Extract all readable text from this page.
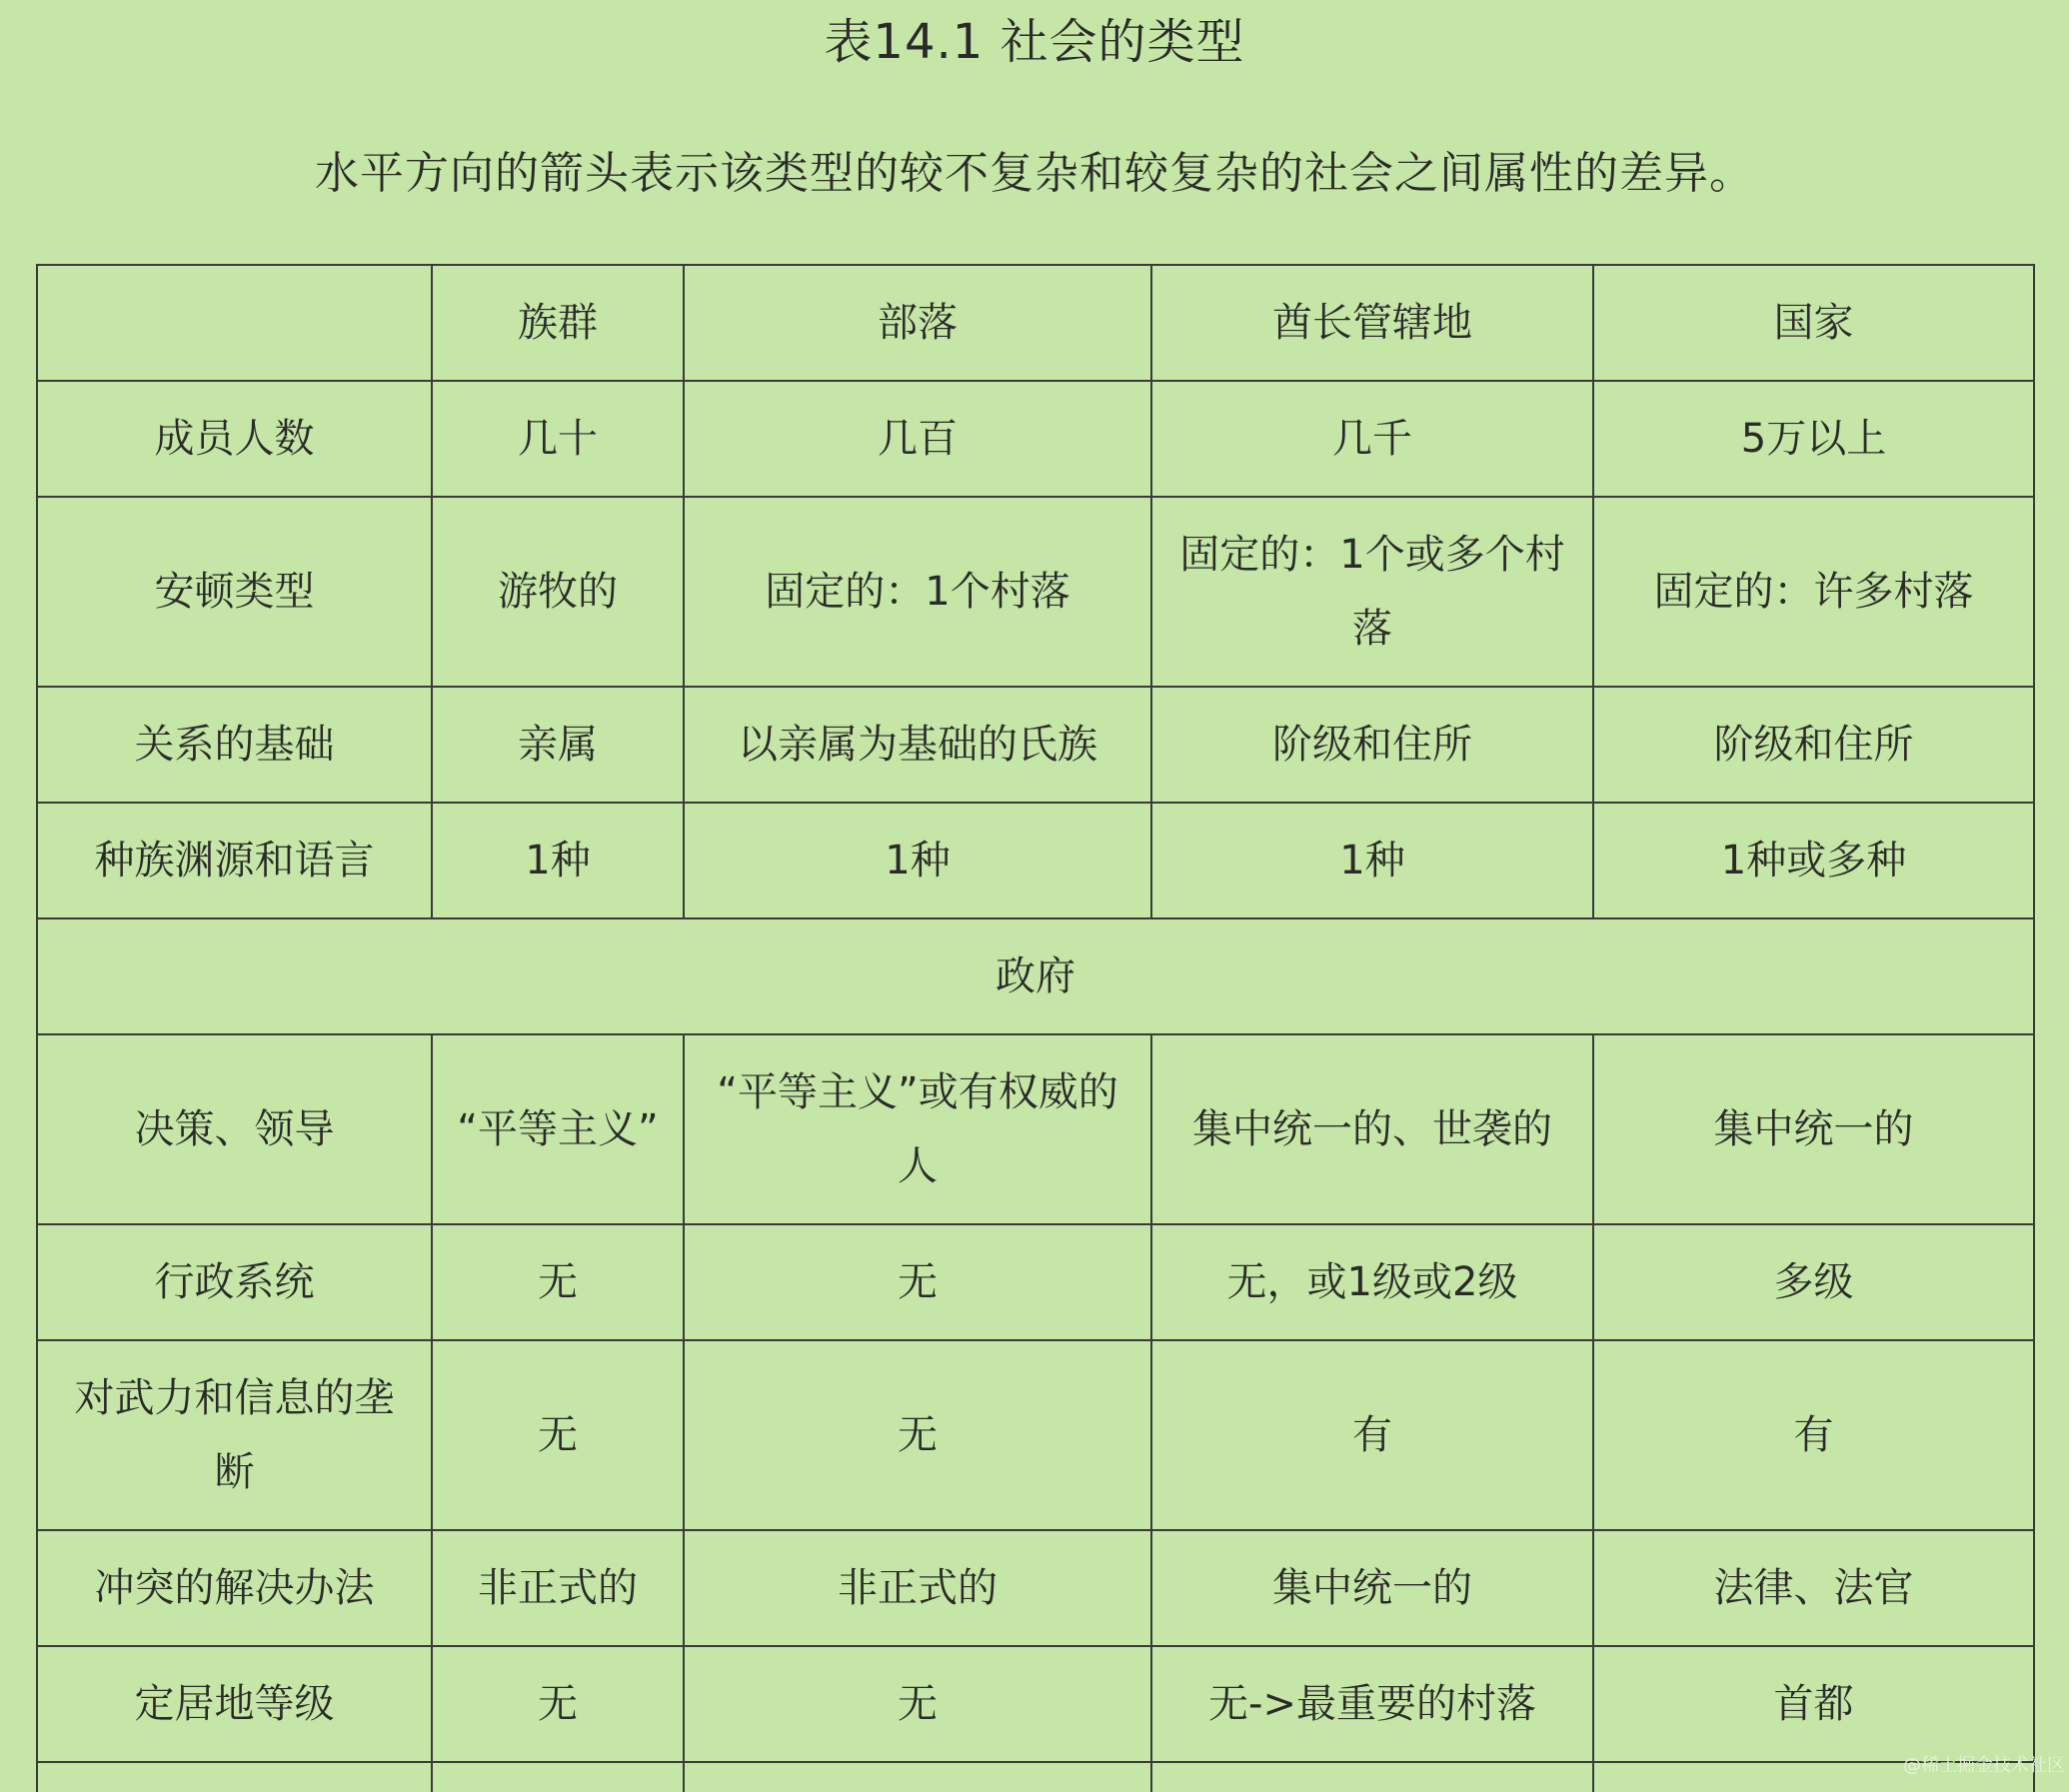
表14.1 社会的类型
水平方向的箭头表示该类型的较不复杂和较复杂的社会之间属性的差异。
	族群	部落	酋长管辖地	国家
成员人数	几十	几百	几千	5万以上
安顿类型	游牧的	固定的：1个村落	固定的：1个或多个村落	固定的：许多村落
关系的基础	亲属	以亲属为基础的氏族	阶级和住所	阶级和住所
种族渊源和语言	1种	1种	1种	1种或多种
政府				
决策、领导	“平等主义”	“平等主义”或有权威的人	集中统一的、世袭的	集中统一的
行政系统	无	无	无，或1级或2级	多级
对武力和信息的垄断	无	无	有	有
冲突的解决办法	非正式的	非正式的	集中统一的	法律、法官
定居地等级	无	无	无->最重要的村落	首都

@稀土掘金技术社区
